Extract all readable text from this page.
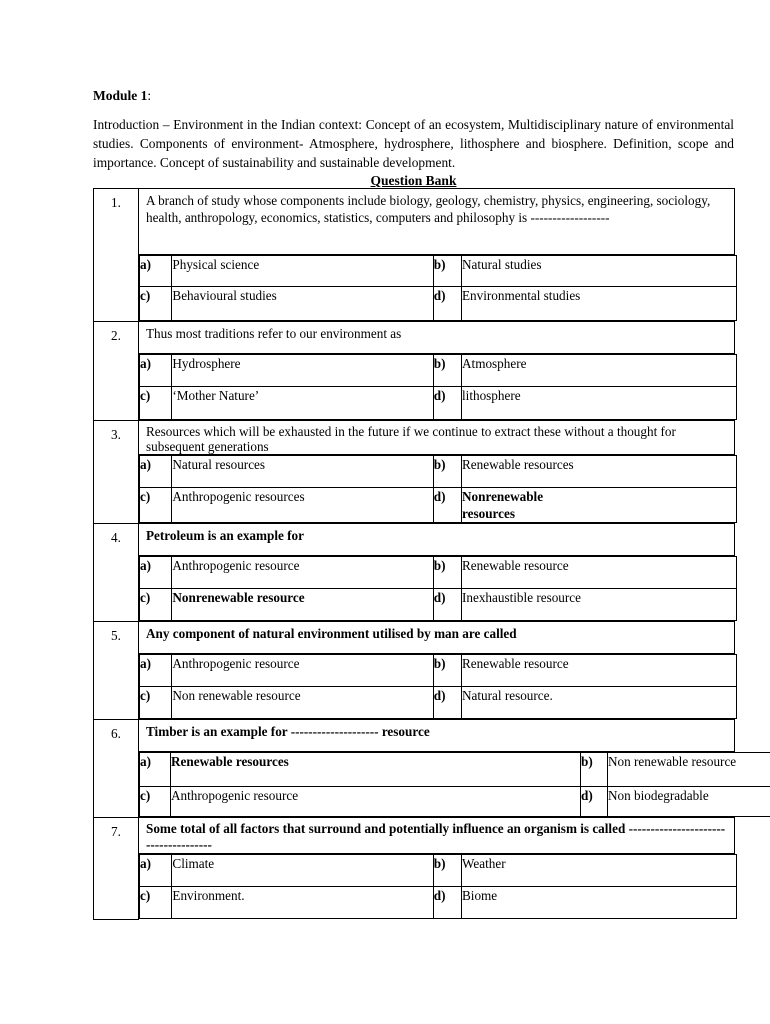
Module 1:

Introduction – Environment in the Indian context: Concept of an ecosystem, Multidisciplinary nature of environmental studies. Components of environment- Atmosphere, hydrosphere, lithosphere and biosphere. Definition, scope and importance. Concept of sustainability and sustainable development.

Question Bank
1.	A branch of study whose components include biology, geology, chemistry, physics, engineering, sociology, health, anthropology, economics, statistics, computers and philosophy is ------------------

a)	Physical science	b)	Natural studies
c)	Behavioural studies	d)	Environmental studies

2.	Thus most traditions refer to our environment as

a)	Hydrosphere	b)	Atmosphere
c)	‘Mother Nature’	d)	lithosphere

3.	Resources which will be exhausted in the future if we continue to extract these without a thought for subsequent generations

a)	Natural resources	b)	Renewable resources
c)	Anthropogenic resources	d)	Nonrenewable resources

4.	Petroleum is an example for

a)	Anthropogenic resource	b)	Renewable resource
c)	Nonrenewable resource	d)	Inexhaustible resource

5.	Any component of natural environment utilised by man are called

a)	Anthropogenic resource	b)	Renewable resource
c)	Non renewable resource	d)	Natural resource.

6.	Timber is an example for -------------------- resource

a)	Renewable resources	b)	Non renewable resource
c)	Anthropogenic resource	d)	Non biodegradable

7.	Some total of all factors that surround and potentially influence an organism is called -------------------------------------

a)	Climate	b)	Weather
c)	Environment.	d)	Biome
